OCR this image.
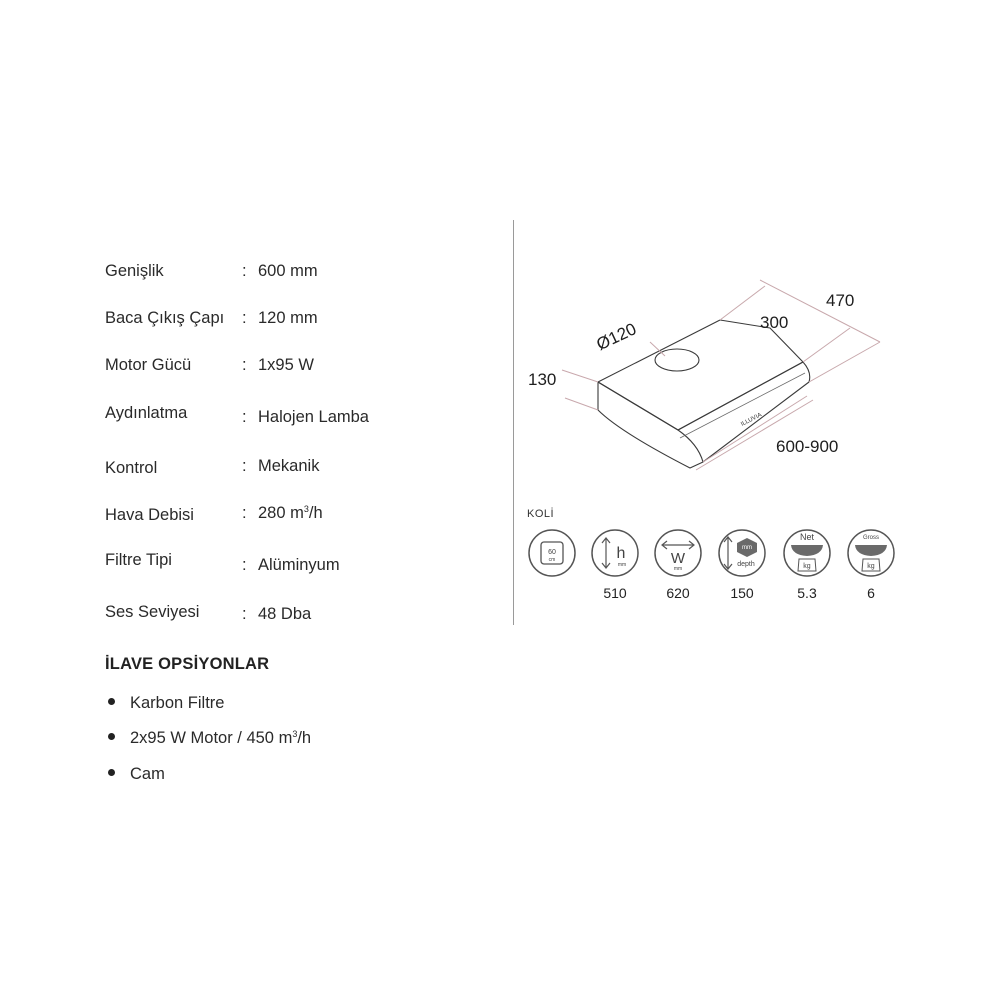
Genişlik	: 600 mm
Baca Çıkış Çapı : 120 mm
Motor Gücü	: 1x95 W
Aydınlatma	: Halojen Lamba
Kontrol	: Mekanik
Hava Debisi	: 280 $m^3/h$
Filtre Tipi	: Alüminyum
Ses Seviyesi	: 48 Dba
İLAVE OPSİYONLAR
Karbon Filtre
2x95 W Motor / 450 $m^3/h$
Cam
ILLUVIA
470
300
Ø120
130
600-900
KOLİ
60
cm	h
mm
510
W
mm
620
mm
depth
150
Net
kg
5.3
Gross
kg
6
